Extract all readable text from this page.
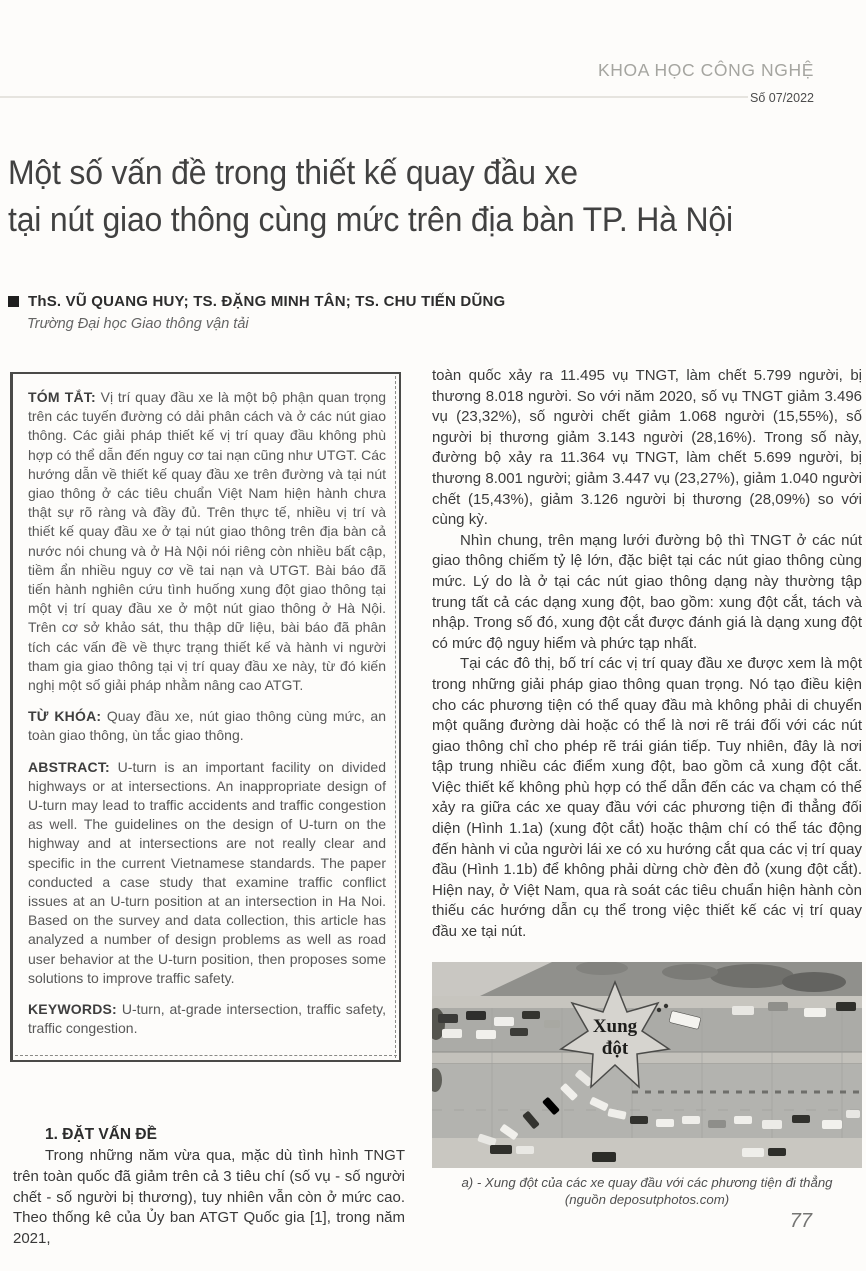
KHOA HỌC CÔNG NGHỆ
Số 07/2022
Một số vấn đề trong thiết kế quay đầu xe
tại nút giao thông cùng mức trên địa bàn TP. Hà Nội
ThS. VŨ QUANG HUY; TS. ĐẶNG MINH TÂN; TS. CHU TIẾN DŨNG
Trường Đại học Giao thông vận tải

TÓM TẮT: Vị trí quay đầu xe là một bộ phận quan trọng trên các tuyến đường có dải phân cách và ở các nút giao thông. Các giải pháp thiết kế vị trí quay đầu không phù hợp có thể dẫn đến nguy cơ tai nạn cũng như UTGT. Các hướng dẫn về thiết kế quay đầu xe trên đường và tại nút giao thông ở các tiêu chuẩn Việt Nam hiện hành chưa thật sự rõ ràng và đầy đủ. Trên thực tế, nhiều vị trí và thiết kế quay đầu xe ở tại nút giao thông trên địa bàn cả nước nói chung và ở Hà Nội nói riêng còn nhiều bất cập, tiềm ẩn nhiều nguy cơ về tai nạn và UTGT. Bài báo đã tiến hành nghiên cứu tình huống xung đột giao thông tại một vị trí quay đầu xe ở một nút giao thông ở Hà Nội. Trên cơ sở khảo sát, thu thập dữ liệu, bài báo đã phân tích các vấn đề về thực trạng thiết kế và hành vi người tham gia giao thông tại vị trí quay đầu xe này, từ đó kiến nghị một số giải pháp nhằm nâng cao ATGT.

TỪ KHÓA: Quay đầu xe, nút giao thông cùng mức, an toàn giao thông, ùn tắc giao thông.

ABSTRACT: U-turn is an important facility on divided highways or at intersections. An inappropriate design of U-turn may lead to traffic accidents and traffic congestion as well. The guidelines on the design of U-turn on the highway and at intersections are not really clear and specific in the current Vietnamese standards. The paper conducted a case study that examine traffic conflict issues at an U-turn position at an intersection in Ha Noi. Based on the survey and data collection, this article has analyzed a number of design problems as well as road user behavior at the U-turn position, then proposes some solutions to improve traffic safety.

KEYWORDS: U-turn, at-grade intersection, traffic safety, traffic congestion.

1. ĐẶT VẤN ĐỀ

Trong những năm vừa qua, mặc dù tình hình TNGT trên toàn quốc đã giảm trên cả 3 tiêu chí (số vụ - số người chết - số người bị thương), tuy nhiên vẫn còn ở mức cao. Theo thống kê của Ủy ban ATGT Quốc gia [1], trong năm 2021,

toàn quốc xảy ra 11.495 vụ TNGT, làm chết 5.799 người, bị thương 8.018 người. So với năm 2020, số vụ TNGT giảm 3.496 vụ (23,32%), số người chết giảm 1.068 người (15,55%), số người bị thương giảm 3.143 người (28,16%). Trong số này, đường bộ xảy ra 11.364 vụ TNGT, làm chết 5.699 người, bị thương 8.001 người; giảm 3.447 vụ (23,27%), giảm 1.040 người chết (15,43%), giảm 3.126 người bị thương (28,09%) so với cùng kỳ.

Nhìn chung, trên mạng lưới đường bộ thì TNGT ở các nút giao thông chiếm tỷ lệ lớn, đặc biệt tại các nút giao thông cùng mức. Lý do là ở tại các nút giao thông dạng này thường tập trung tất cả các dạng xung đột, bao gồm: xung đột cắt, tách và nhập. Trong số đó, xung đột cắt được đánh giá là dạng xung đột có mức độ nguy hiểm và phức tạp nhất.

Tại các đô thị, bố trí các vị trí quay đầu xe được xem là một trong những giải pháp giao thông quan trọng. Nó tạo điều kiện cho các phương tiện có thể quay đầu mà không phải di chuyển một quãng đường dài hoặc có thể là nơi rẽ trái đối với các nút giao thông chỉ cho phép rẽ trái gián tiếp. Tuy nhiên, đây là nơi tập trung nhiều các điểm xung đột, bao gồm cả xung đột cắt. Việc thiết kế không phù hợp có thể dẫn đến các va chạm có thể xảy ra giữa các xe quay đầu với các phương tiện đi thẳng đối diện (Hình 1.1a) (xung đột cắt) hoặc thậm chí có thể tác động đến hành vi của người lái xe có xu hướng cắt qua các vị trí quay đầu (Hình 1.1b) để không phải dừng chờ đèn đỏ (xung đột cắt). Hiện nay, ở Việt Nam, qua rà soát các tiêu chuẩn hiện hành còn thiếu các hướng dẫn cụ thể trong việc thiết kế các vị trí quay đầu xe tại nút.

Xung
đột
a) - Xung đột của các xe quay đầu với các phương tiện đi thẳng
(nguồn deposutphotos.com)
77
